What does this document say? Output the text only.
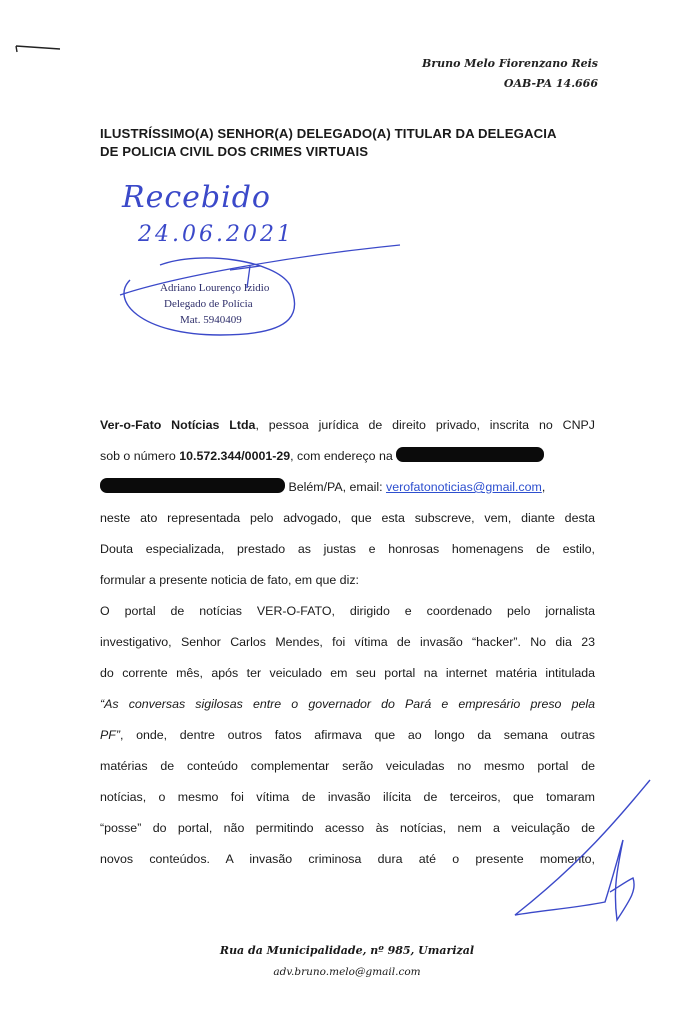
Bruno Melo Fiorenzano Reis
OAB-PA 14.666
ILUSTRÍSSIMO(A) SENHOR(A) DELEGADO(A) TITULAR DA DELEGACIA
DE POLICIA CIVIL DOS CRIMES VIRTUAIS
Recebido
24.06.2021
Adriano Lourenço Izidio
Delegado de Polícia
Mat. 5940409
Ver-o-Fato Notícias Ltda, pessoa jurídica de direito privado, inscrita no CNPJ
sob o número 10.572.344/0001-29, com endereço na
Belém/PA, email: verofatonoticias@gmail.com,
neste ato representada pelo advogado, que esta subscreve, vem, diante desta
Douta especializada, prestado as justas e honrosas homenagens de estilo,
formular a presente noticia de fato, em que diz:
O portal de notícias VER-O-FATO, dirigido e coordenado pelo jornalista
investigativo, Senhor Carlos Mendes, foi vítima de invasão “hacker”. No dia 23
do corrente mês, após ter veiculado em seu portal na internet matéria intitulada
“As conversas sigilosas entre o governador do Pará e empresário preso pela
PF”, onde, dentre outros fatos afirmava que ao longo da semana outras
matérias de conteúdo complementar serão veiculadas no mesmo portal de
notícias, o mesmo foi vítima de invasão ilícita de terceiros, que tomaram
“posse” do portal, não permitindo acesso às notícias, nem a veiculação de
novos conteúdos. A invasão criminosa dura até o presente momento,
Rua da Municipalidade, nº 985, Umarizal
adv.bruno.melo@gmail.com
